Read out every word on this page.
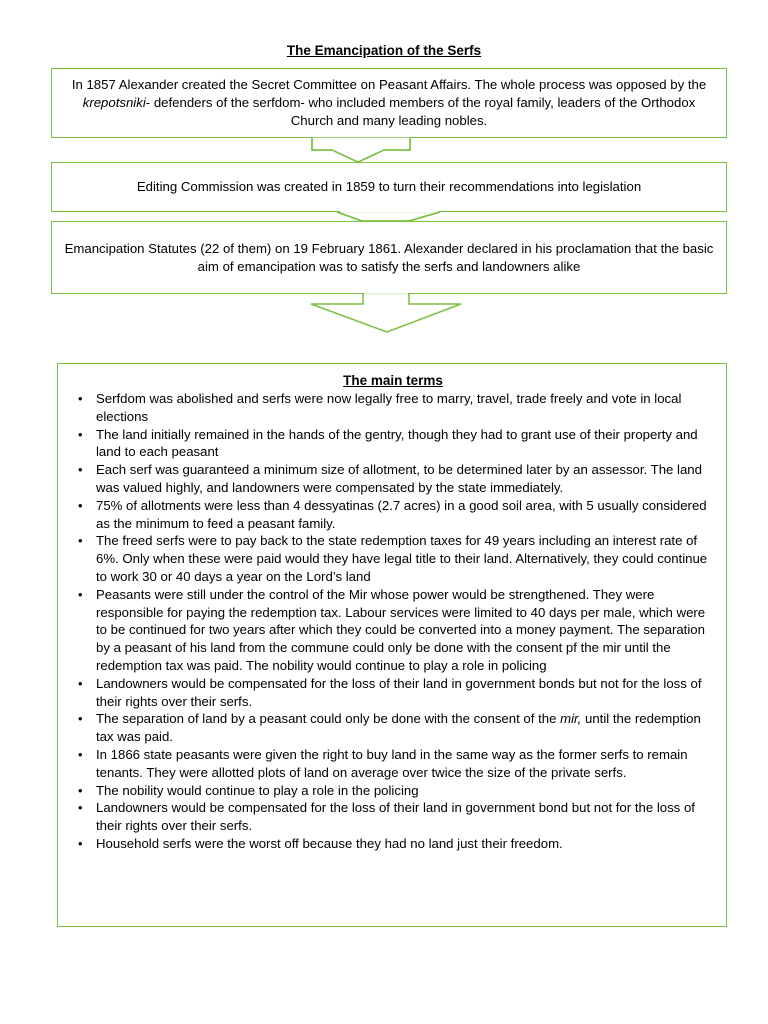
The Emancipation of the Serfs
In 1857 Alexander created the Secret Committee on Peasant Affairs. The whole process was opposed by the krepotsniki- defenders of the serfdom- who included members of the royal family, leaders of the Orthodox Church and many leading nobles.
Editing Commission was created in 1859 to turn their recommendations into legislation
Emancipation Statutes (22 of them) on 19 February 1861. Alexander declared in his proclamation that the basic aim of emancipation was to satisfy the serfs and landowners alike
The main terms
• Serfdom was abolished and serfs were now legally free to marry, travel, trade freely and vote in local elections
• The land initially remained in the hands of the gentry, though they had to grant use of their property and land to each peasant
• Each serf was guaranteed a minimum size of allotment, to be determined later by an assessor. The land was valued highly, and landowners were compensated by the state immediately.
• 75% of allotments were less than 4 dessyatinas (2.7 acres) in a good soil area, with 5 usually considered as the minimum to feed a peasant family.
• The freed serfs were to pay back to the state redemption taxes for 49 years including an interest rate of 6%. Only when these were paid would they have legal title to their land. Alternatively, they could continue to work 30 or 40 days a year on the Lord’s land
• Peasants were still under the control of the Mir whose power would be strengthened. They were responsible for paying the redemption tax. Labour services were limited to 40 days per male, which were to be continued for two years after which they could be converted into a money payment. The separation by a peasant of his land from the commune could only be done with the consent pf the mir until the redemption tax was paid. The nobility would continue to play a role in policing
• Landowners would be compensated for the loss of their land in government bonds but not for the loss of their rights over their serfs.
• The separation of land by a peasant could only be done with the consent of the mir, until the redemption tax was paid.
• In 1866 state peasants were given the right to buy land in the same way as the former serfs to remain tenants. They were allotted plots of land on average over twice the size of the private serfs.
• The nobility would continue to play a role in the policing
• Landowners would be compensated for the loss of their land in government bond but not for the loss of their rights over their serfs.
• Household serfs were the worst off because they had no land just their freedom.
